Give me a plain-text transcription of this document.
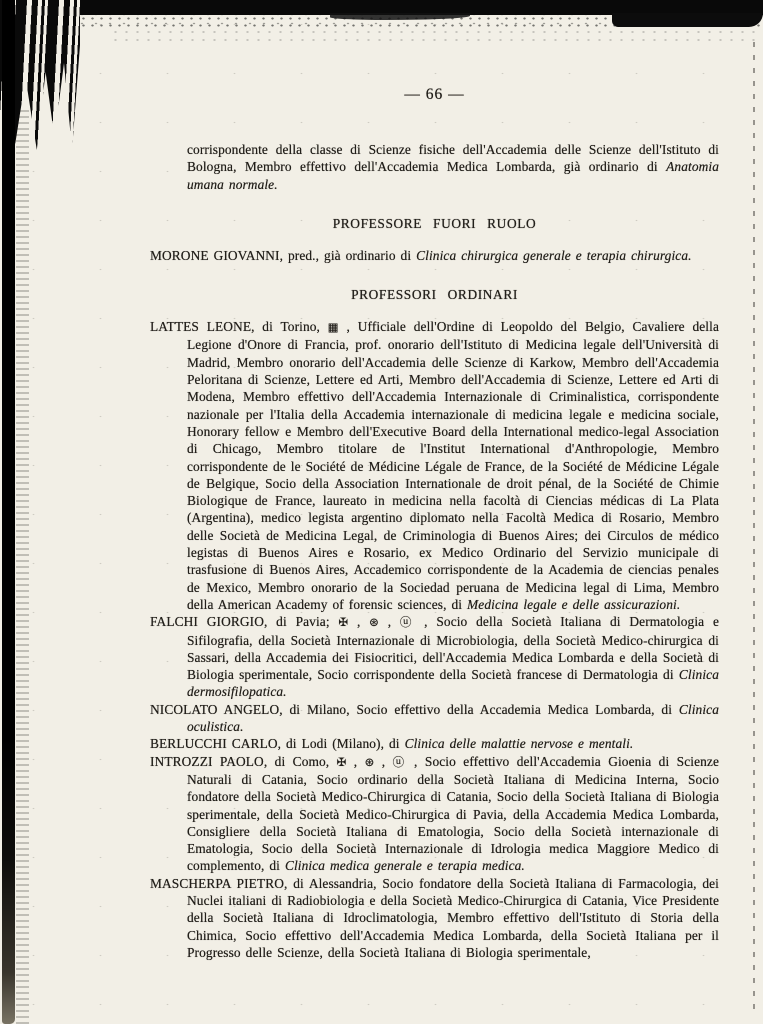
— 66 —

corrispondente della classe di Scienze fisiche dell'Accademia delle Scienze dell'Istituto di Bologna, Membro effettivo dell'Accademia Medica Lombarda, già ordinario di Anatomia umana normale.

PROFESSORE FUORI RUOLO

MORONE GIOVANNI, pred., già ordinario di Clinica chirurgica generale e terapia chirurgica.

PROFESSORI ORDINARI

LATTES LEONE, di Torino, ▦ , Ufficiale dell'Ordine di Leopoldo del Belgio, Cavaliere della Legione d'Onore di Francia, prof. onorario dell'Istituto di Medicina legale dell'Università di Madrid, Membro onorario dell'Accademia delle Scienze di Karkow, Membro dell'Accademia Peloritana di Scienze, Lettere ed Arti, Membro dell'Accademia di Scienze, Lettere ed Arti di Modena, Membro effettivo dell'Accademia Internazionale di Criminalistica, corrispondente nazionale per l'Italia della Accademia internazionale di medicina legale e medicina sociale, Honorary fellow e Membro dell'Executive Board della International medico-legal Association di Chicago, Membro titolare de l'Institut International d'Anthropologie, Membro corrispondente de le Société de Médicine Légale de France, de la Société de Médicine Légale de Belgique, Socio della Association Internationale de droit pénal, de la Société de Chimie Biologique de France, laureato in medicina nella facoltà di Ciencias médicas di La Plata (Argentina), medico legista argentino diplomato nella Facoltà Medica di Rosario, Membro delle Società de Medicina Legal, de Criminologia di Buenos Aires; dei Circulos de médico legistas di Buenos Aires e Rosario, ex Medico Ordinario del Servizio municipale di trasfusione di Buenos Aires, Accademico corrispondente de la Academia de ciencias penales de Mexico, Membro onorario de la Sociedad peruana de Medicina legal di Lima, Membro della American Academy of forensic sciences, di Medicina legale e delle assicurazioni.

FALCHI GIORGIO, di Pavia; ✠ , ⊛ , ⓤ , Socio della Società Italiana di Dermatologia e Sifilografia, della Società Internazionale di Microbiologia, della Società Medico-chirurgica di Sassari, della Accademia dei Fisiocritici, dell'Accademia Medica Lombarda e della Società di Biologia sperimentale, Socio corrispondente della Società francese di Dermatologia di Clinica dermosifilopatica.

NICOLATO ANGELO, di Milano, Socio effettivo della Accademia Medica Lombarda, di Clinica oculistica.

BERLUCCHI CARLO, di Lodi (Milano), di Clinica delle malattie nervose e mentali.

INTROZZI PAOLO, di Como, ✠ , ⊛ , ⓤ , Socio effettivo dell'Accademia Gioenia di Scienze Naturali di Catania, Socio ordinario della Società Italiana di Medicina Interna, Socio fondatore della Società Medico-Chirurgica di Catania, Socio della Società Italiana di Biologia sperimentale, della Società Medico-Chirurgica di Pavia, della Accademia Medica Lombarda, Consigliere della Società Italiana di Ematologia, Socio della Società internazionale di Ematologia, Socio della Società Internazionale di Idrologia medica Maggiore Medico di complemento, di Clinica medica generale e terapia medica.

MASCHERPA PIETRO, di Alessandria, Socio fondatore della Società Italiana di Farmacologia, dei Nuclei italiani di Radiobiologia e della Società Medico-Chirurgica di Catania, Vice Presidente della Società Italiana di Idroclimatologia, Membro effettivo dell'Istituto di Storia della Chimica, Socio effettivo dell'Accademia Medica Lombarda, della Società Italiana per il Progresso delle Scienze, della Società Italiana di Biologia sperimentale,
